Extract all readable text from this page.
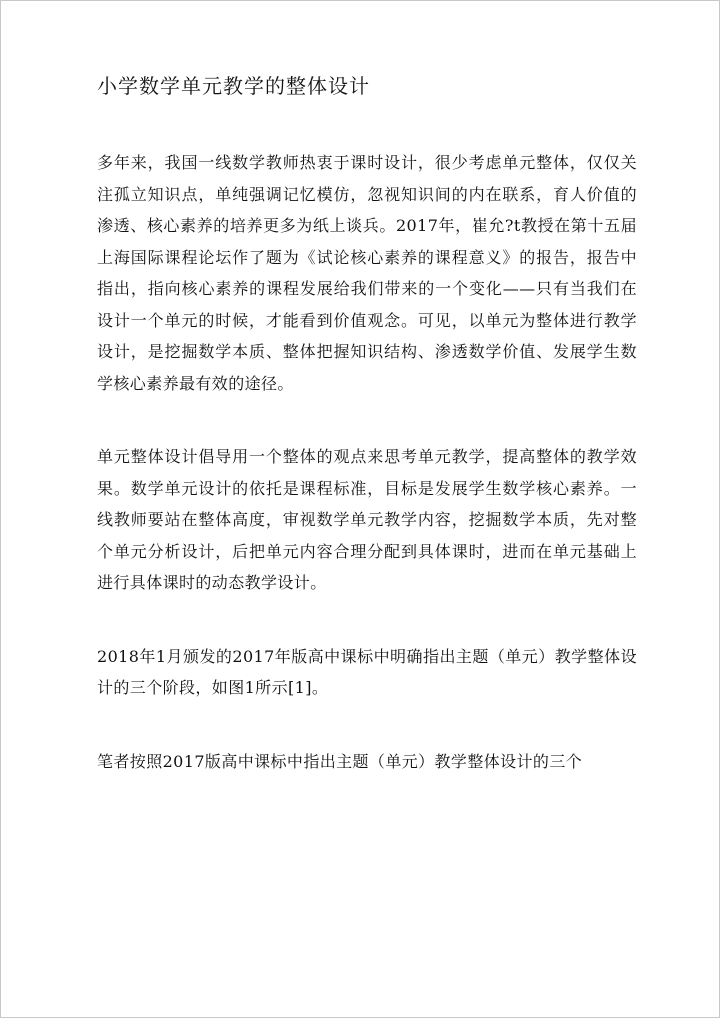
小学数学单元教学的整体设计

多年来，我国一线数学教师热衷于课时设计，很少考虑单元整体，仅仅关注孤立知识点，单纯强调记忆模仿，忽视知识间的内在联系，育人价值的渗透、核心素养的培养更多为纸上谈兵。2017年，崔允?t教授在第十五届上海国际课程论坛作了题为《试论核心素养的课程意义》的报告，报告中指出，指向核心素养的课程发展给我们带来的一个变化——只有当我们在设计一个单元的时候，才能看到价值观念。可见，以单元为整体进行教学设计，是挖掘数学本质、整体把握知识结构、渗透数学价值、发展学生数学核心素养最有效的途径。

单元整体设计倡导用一个整体的观点来思考单元教学，提高整体的教学效果。数学单元设计的依托是课程标准，目标是发展学生数学核心素养。一线教师要站在整体高度，审视数学单元教学内容，挖掘数学本质，先对整个单元分析设计，后把单元内容合理分配到具体课时，进而在单元基础上进行具体课时的动态教学设计。

2018年1月颁发的2017年版高中课标中明确指出主题（单元）教学整体设计的三个阶段，如图1所示[1]。

笔者按照2017版高中课标中指出主题（单元）教学整体设计的三个
